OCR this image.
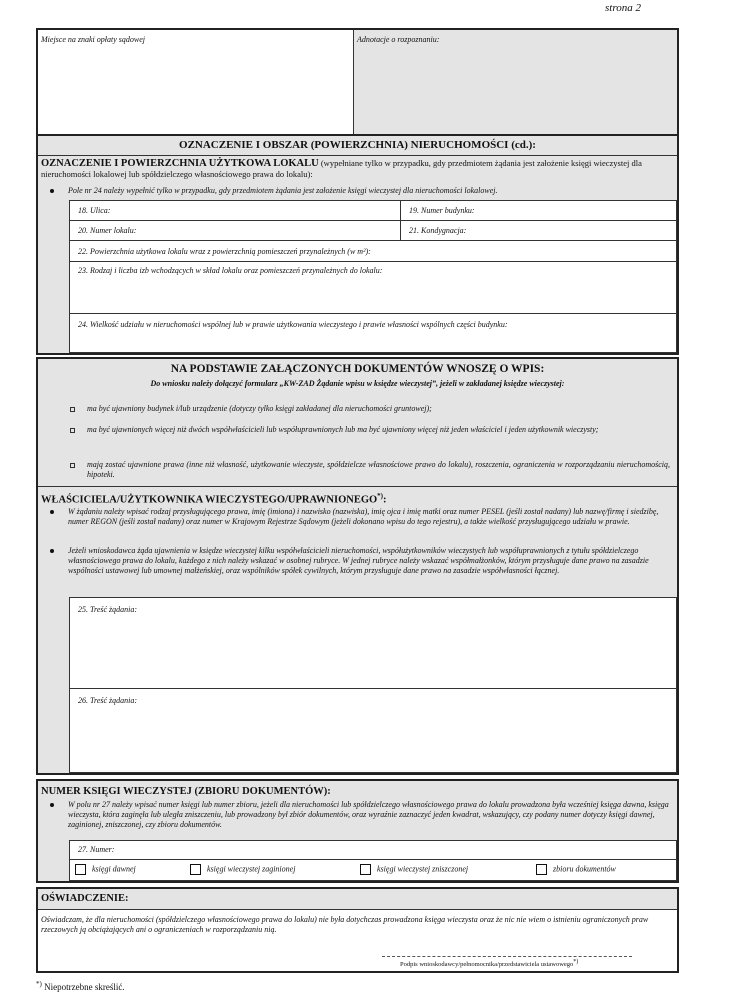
strona 2
Miejsce na znaki opłaty sądowej	Adnotacje o rozpoznaniu:
OZNACZENIE I OBSZAR (POWIERZCHNIA) NIERUCHOMOŚCI (cd.):
OZNACZENIE I POWIERZCHNIA UŻYTKOWA LOKALU (wypełniane tylko w przypadku, gdy przedmiotem żądania jest założenie księgi wieczystej dla nieruchomości lokalowej lub spółdzielczego własnościowego prawa do lokalu):
Pole nr 24 należy wypełnić tylko w przypadku, gdy przedmiotem żądania jest założenie księgi wieczystej dla nieruchomości lokalowej.
18. Ulica:	19. Numer budynku:
20. Numer lokalu:	21. Kondygnacja:
22. Powierzchnia użytkowa lokalu wraz z powierzchnią pomieszczeń przynależnych (w m²):
23. Rodzaj i liczba izb wchodzących w skład lokalu oraz pomieszczeń przynależnych do lokalu:
24. Wielkość udziału w nieruchomości wspólnej lub w prawie użytkowania wieczystego i prawie własności wspólnych części budynku:
NA PODSTAWIE ZAŁĄCZONYCH DOKUMENTÓW WNOSZĘ O WPIS:
Do wniosku należy dołączyć formularz „KW-ZAD Żądanie wpisu w księdze wieczystej”, jeżeli w zakładanej księdze wieczystej:
ma być ujawniony budynek i/lub urządzenie (dotyczy tylko księgi zakładanej dla nieruchomości gruntowej);
ma być ujawnionych więcej niż dwóch współwłaścicieli lub współuprawnionych lub ma być ujawniony więcej niż jeden właściciel i jeden użytkownik wieczysty;
mają zostać ujawnione prawa (inne niż własność, użytkowanie wieczyste, spółdzielcze własnościowe prawo do lokalu), roszczenia, ograniczenia w rozporządzaniu nieruchomością, hipoteki.
WŁAŚCICIELA/UŻYTKOWNIKA WIECZYSTEGO/UPRAWNIONEGO*):
W żądaniu należy wpisać rodzaj przysługującego prawa, imię (imiona) i nazwisko (nazwiska), imię ojca i imię matki oraz numer PESEL (jeśli został nadany) lub nazwę/firmę i siedzibę, numer REGON (jeśli został nadany) oraz numer w Krajowym Rejestrze Sądowym (jeżeli dokonano wpisu do tego rejestru), a także wielkość przysługującego udziału w prawie.
Jeżeli wnioskodawca żąda ujawnienia w księdze wieczystej kilku współwłaścicieli nieruchomości, współużytkowników wieczystych lub współuprawnionych z tytułu spółdzielczego własnościowego prawa do lokalu, każdego z nich należy wskazać w osobnej rubryce. W jednej rubryce należy wskazać współmałżonków, którym przysługuje dane prawo na zasadzie wspólności ustawowej lub umownej małżeńskiej, oraz wspólników spółek cywilnych, którym przysługuje dane prawo na zasadzie współwłasności łącznej.
25. Treść żądania:
26. Treść żądania:
NUMER KSIĘGI WIECZYSTEJ (ZBIORU DOKUMENTÓW):
W polu nr 27 należy wpisać numer księgi lub numer zbioru, jeżeli dla nieruchomości lub spółdzielczego własnościowego prawa do lokalu prowadzona była wcześniej księga dawna, księga wieczysta, która zaginęła lub uległa zniszczeniu, lub prowadzony był zbiór dokumentów, oraz wyraźnie zaznaczyć jeden kwadrat, wskazujący, czy podany numer dotyczy księgi dawnej, zaginionej, zniszczonej, czy zbioru dokumentów.
27. Numer:
księgi dawnej	księgi wieczystej zaginionej	księgi wieczystej zniszczonej	zbioru dokumentów
OŚWIADCZENIE:
Oświadczam, że dla nieruchomości (spółdzielczego własnościowego prawa do lokalu) nie była dotychczas prowadzona księga wieczysta oraz że nic nie wiem o istnieniu ograniczonych praw rzeczowych ją obciążających ani o ograniczeniach w rozporządzaniu nią.
Podpis wnioskodawcy/pełnomocnika/przedstawiciela ustawowego*)
*) Niepotrzebne skreślić.
